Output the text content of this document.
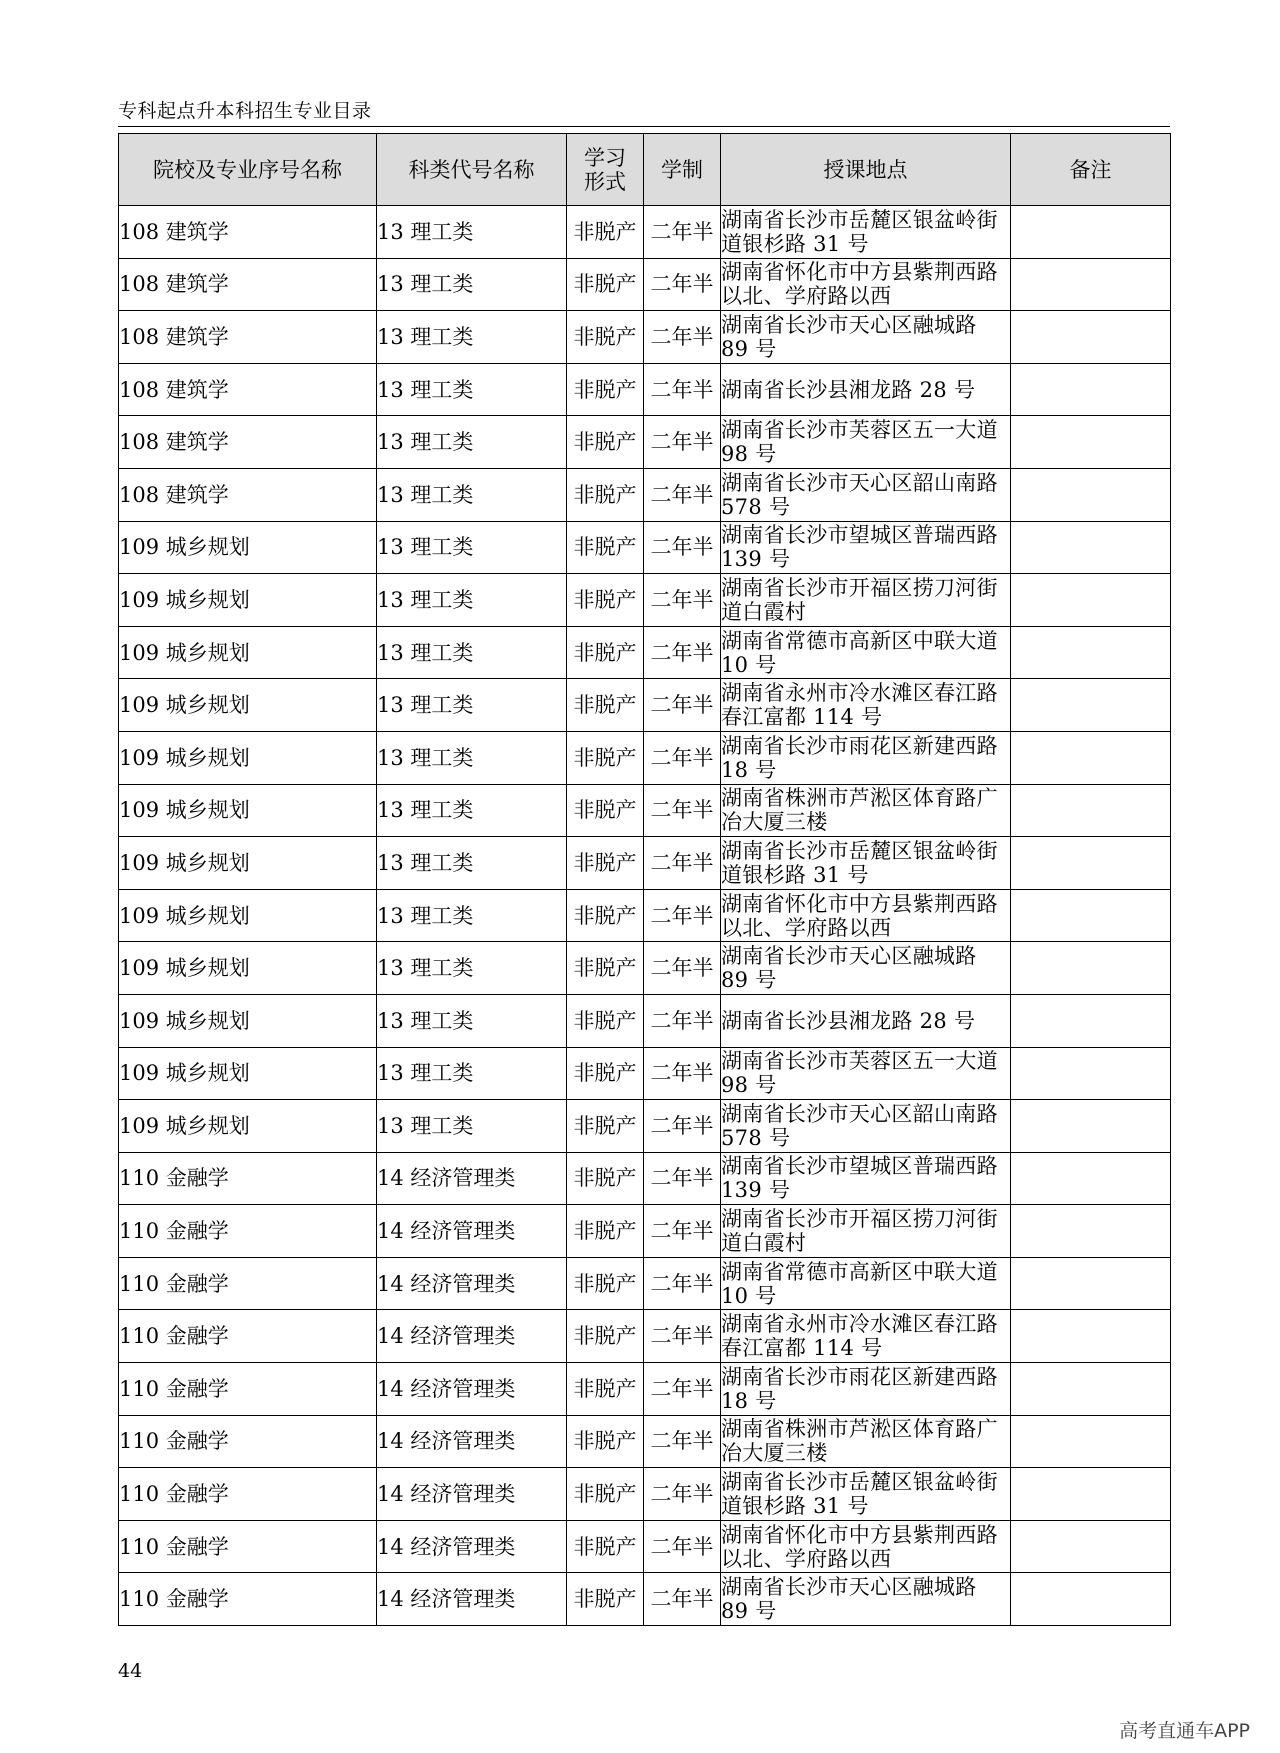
专科起点升本科招生专业目录
院校及专业序号名称	科类代号名称	学习形式	学制	授课地点	备注
108 建筑学	13 理工类	非脱产	二年半	湖南省长沙市岳麓区银盆岭街道银杉路 31 号	
108 建筑学	13 理工类	非脱产	二年半	湖南省怀化市中方县紫荆西路以北、学府路以西	
108 建筑学	13 理工类	非脱产	二年半	湖南省长沙市天心区融城路 89 号	
108 建筑学	13 理工类	非脱产	二年半	湖南省长沙县湘龙路 28 号	
108 建筑学	13 理工类	非脱产	二年半	湖南省长沙市芙蓉区五一大道 98 号	
108 建筑学	13 理工类	非脱产	二年半	湖南省长沙市天心区韶山南路 578 号	
109 城乡规划	13 理工类	非脱产	二年半	湖南省长沙市望城区普瑞西路 139 号	
109 城乡规划	13 理工类	非脱产	二年半	湖南省长沙市开福区捞刀河街道白霞村	
109 城乡规划	13 理工类	非脱产	二年半	湖南省常德市高新区中联大道 10 号	
109 城乡规划	13 理工类	非脱产	二年半	湖南省永州市冷水滩区春江路春江富都 114 号	
109 城乡规划	13 理工类	非脱产	二年半	湖南省长沙市雨花区新建西路 18 号	
109 城乡规划	13 理工类	非脱产	二年半	湖南省株洲市芦淞区体育路广冶大厦三楼	
109 城乡规划	13 理工类	非脱产	二年半	湖南省长沙市岳麓区银盆岭街道银杉路 31 号	
109 城乡规划	13 理工类	非脱产	二年半	湖南省怀化市中方县紫荆西路以北、学府路以西	
109 城乡规划	13 理工类	非脱产	二年半	湖南省长沙市天心区融城路 89 号	
109 城乡规划	13 理工类	非脱产	二年半	湖南省长沙县湘龙路 28 号	
109 城乡规划	13 理工类	非脱产	二年半	湖南省长沙市芙蓉区五一大道 98 号	
109 城乡规划	13 理工类	非脱产	二年半	湖南省长沙市天心区韶山南路 578 号	
110 金融学	14 经济管理类	非脱产	二年半	湖南省长沙市望城区普瑞西路 139 号	
110 金融学	14 经济管理类	非脱产	二年半	湖南省长沙市开福区捞刀河街道白霞村	
110 金融学	14 经济管理类	非脱产	二年半	湖南省常德市高新区中联大道 10 号	
110 金融学	14 经济管理类	非脱产	二年半	湖南省永州市冷水滩区春江路春江富都 114 号	
110 金融学	14 经济管理类	非脱产	二年半	湖南省长沙市雨花区新建西路 18 号	
110 金融学	14 经济管理类	非脱产	二年半	湖南省株洲市芦淞区体育路广冶大厦三楼	
110 金融学	14 经济管理类	非脱产	二年半	湖南省长沙市岳麓区银盆岭街道银杉路 31 号	
110 金融学	14 经济管理类	非脱产	二年半	湖南省怀化市中方县紫荆西路以北、学府路以西	
110 金融学	14 经济管理类	非脱产	二年半	湖南省长沙市天心区融城路 89 号	
44
高考直通车APP
